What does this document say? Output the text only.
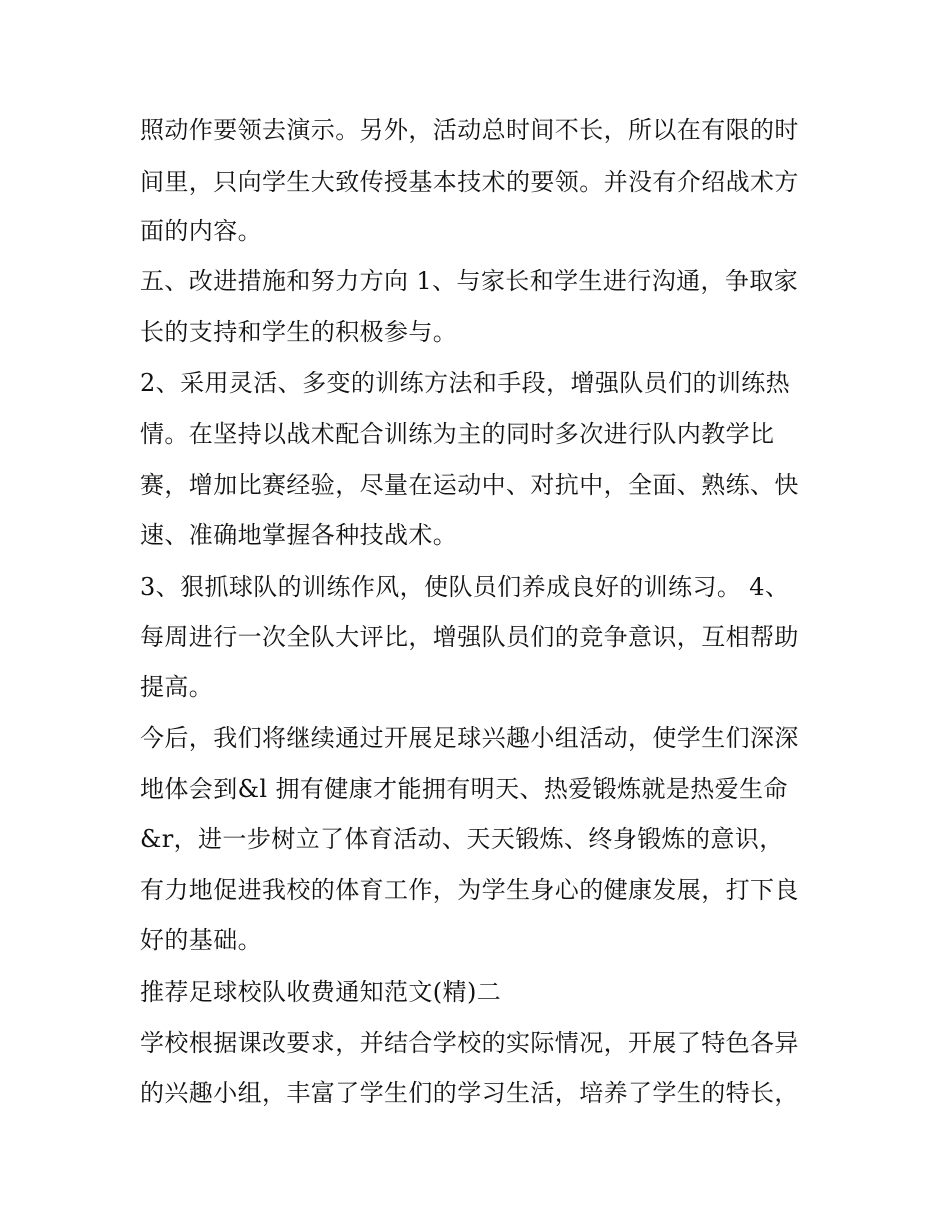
照动作要领去演示。另外，活动总时间不长，所以在有限的时
间里，只向学生大致传授基本技术的要领。并没有介绍战术方
面的内容。
五、改进措施和努力方向 1、与家长和学生进行沟通，争取家
长的支持和学生的积极参与。
2、采用灵活、多变的训练方法和手段，增强队员们的训练热
情。在坚持以战术配合训练为主的同时多次进行队内教学比
赛，增加比赛经验，尽量在运动中、对抗中，全面、熟练、快
速、准确地掌握各种技战术。
3、狠抓球队的训练作风，使队员们养成良好的训练习。 4、
每周进行一次全队大评比，增强队员们的竞争意识，互相帮助
提高。
今后，我们将继续通过开展足球兴趣小组活动，使学生们深深
地体会到&l 拥有健康才能拥有明天、热爱锻炼就是热爱生命
&r，进一步树立了体育活动、天天锻炼、终身锻炼的意识，
有力地促进我校的体育工作，为学生身心的健康发展，打下良
好的基础。
推荐足球校队收费通知范文(精)二
学校根据课改要求，并结合学校的实际情况，开展了特色各异
的兴趣小组，丰富了学生们的学习生活，培养了学生的特长，
